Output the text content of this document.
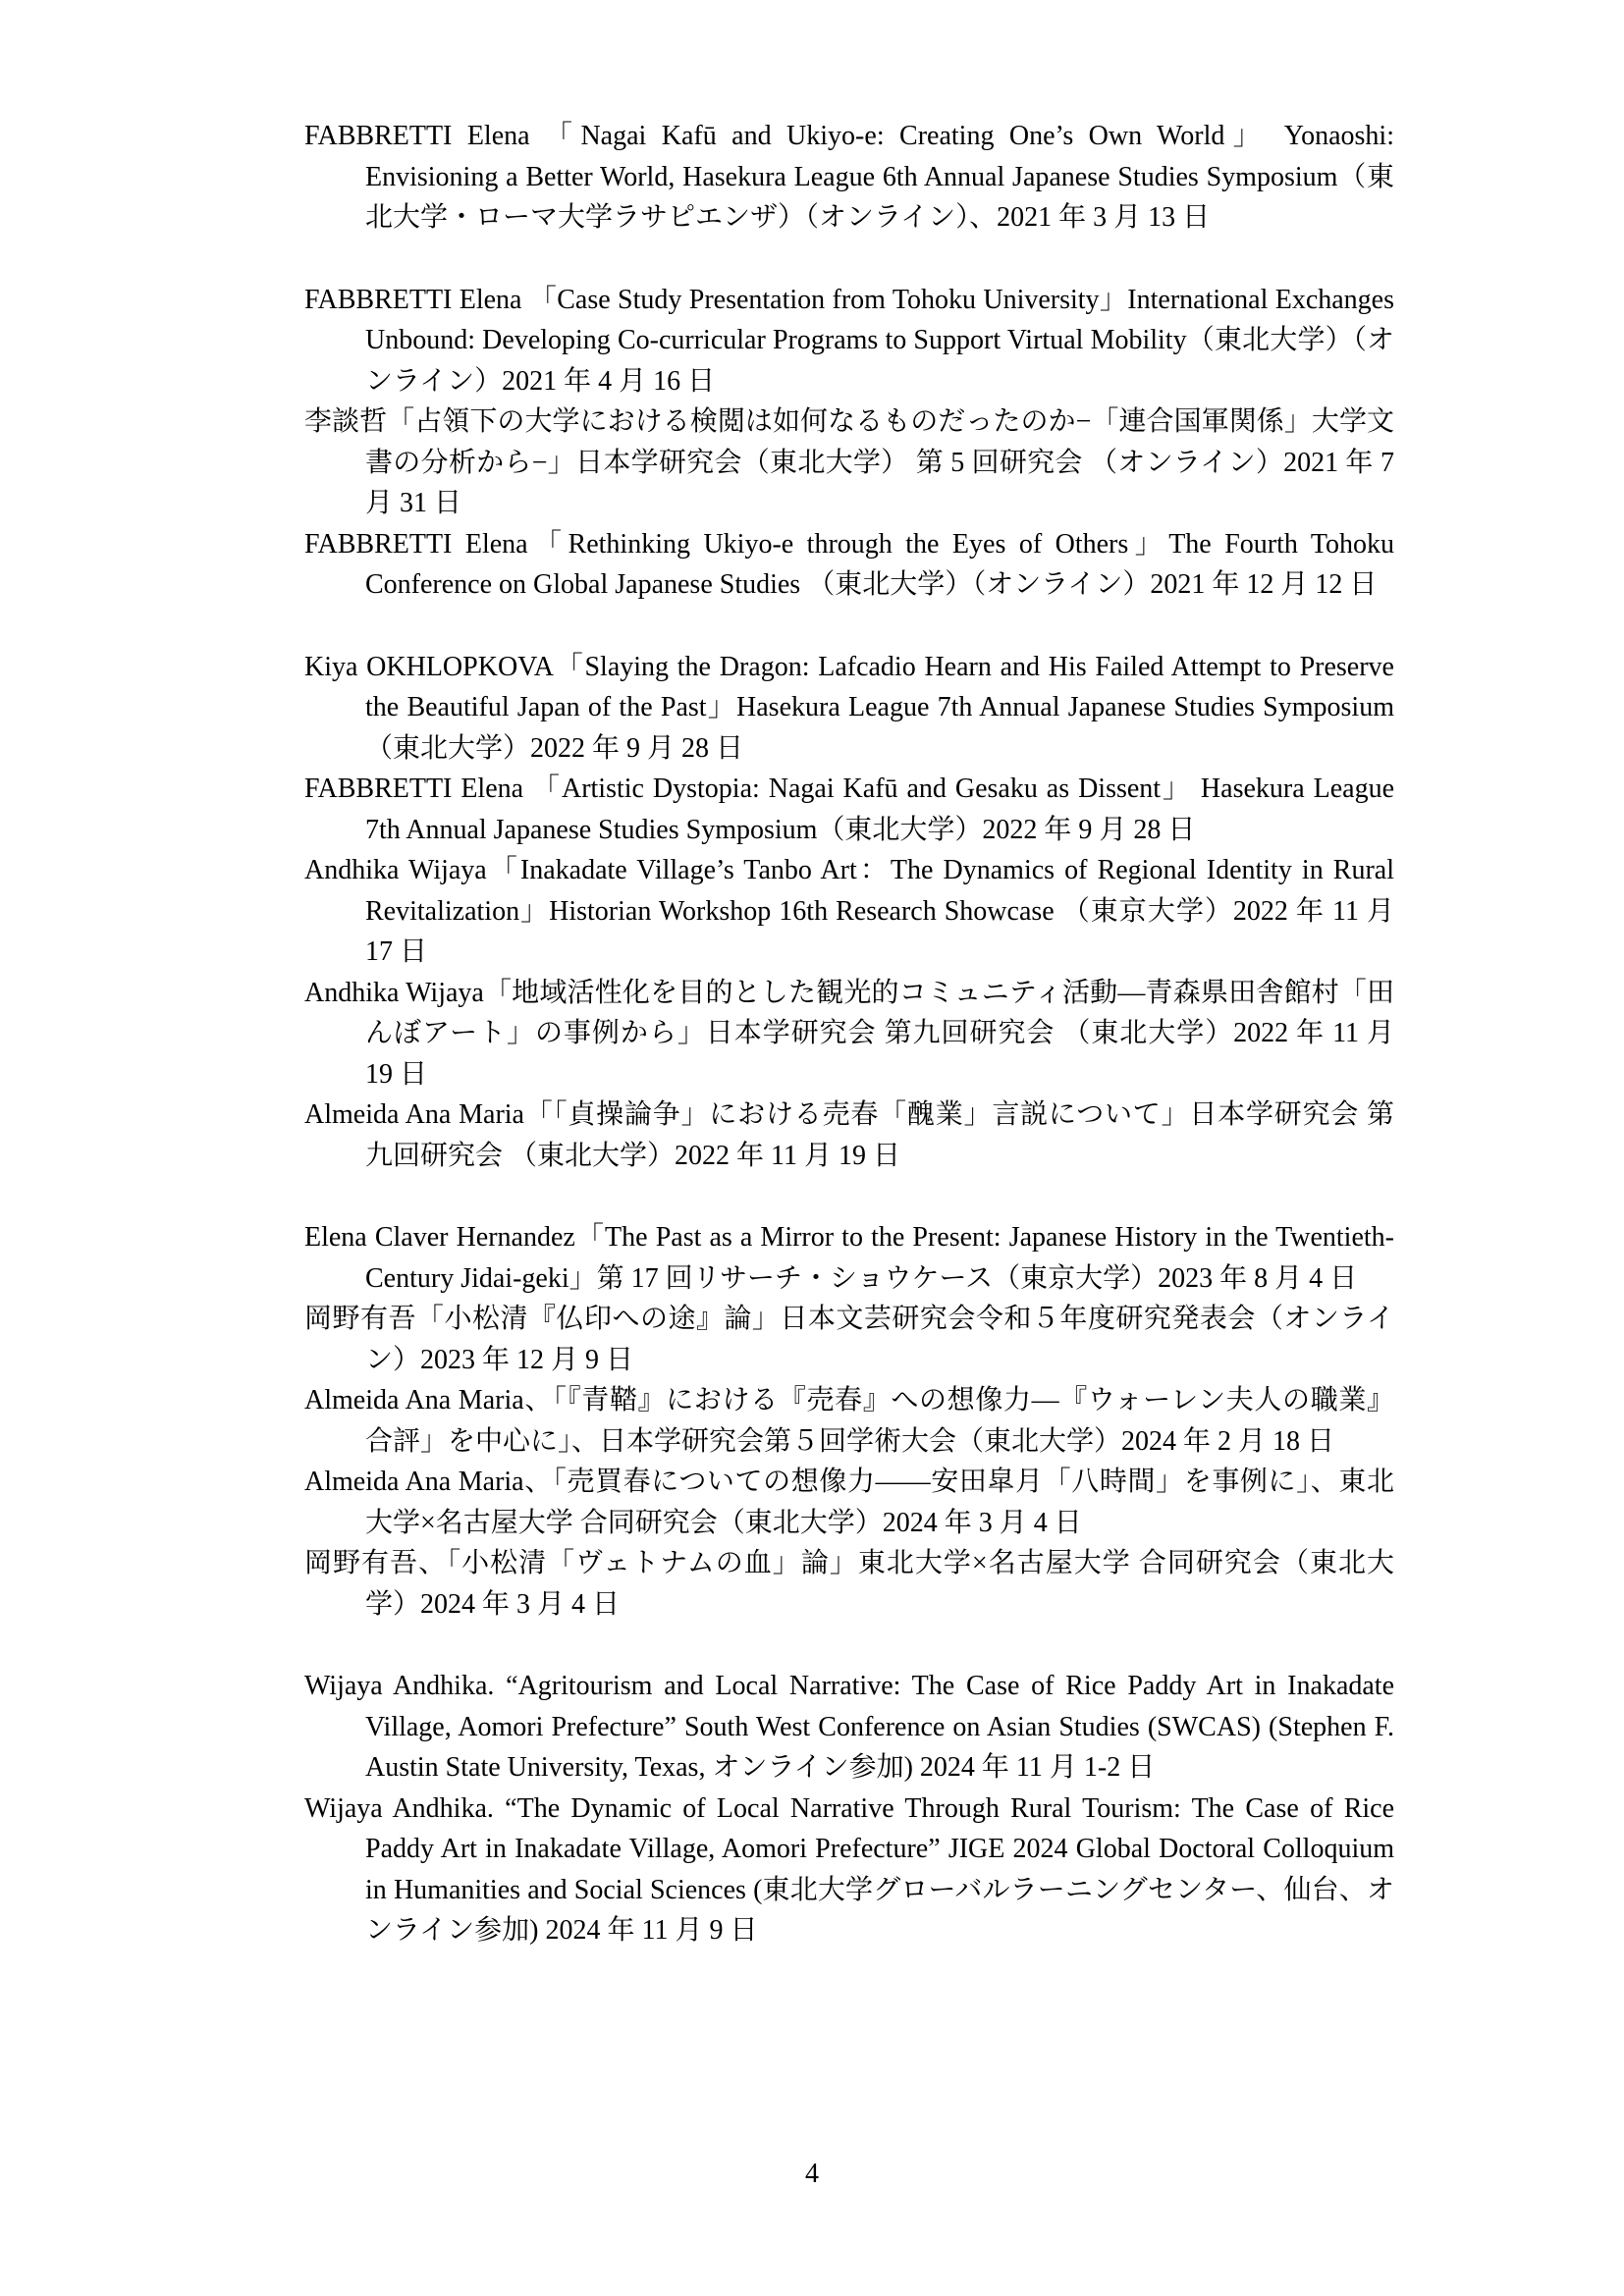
FABBRETTI Elena 「Nagai Kafū and Ukiyo-e: Creating One’s Own World」 Yonaoshi: Envisioning a Better World, Hasekura League 6th Annual Japanese Studies Symposium（東北大学・ローマ大学ラサピエンザ）（オンライン）、2021 年 3 月 13 日

FABBRETTI Elena 「Case Study Presentation from Tohoku University」International Exchanges Unbound: Developing Co-curricular Programs to Support Virtual Mobility（東北大学）（オンライン）2021 年 4 月 16 日

李談哲「占領下の大学における検閲は如何なるものだったのか−「連合国軍関係」大学文書の分析から−」日本学研究会（東北大学） 第 5 回研究会 （オンライン）2021 年 7 月 31 日

FABBRETTI Elena「Rethinking Ukiyo-e through the Eyes of Others」The Fourth Tohoku Conference on Global Japanese Studies （東北大学）（オンライン）2021 年 12 月 12 日

Kiya OKHLOPKOVA「Slaying the Dragon: Lafcadio Hearn and His Failed Attempt to Preserve the Beautiful Japan of the Past」Hasekura League 7th Annual Japanese Studies Symposium（東北大学）2022 年 9 月 28 日

FABBRETTI Elena 「Artistic Dystopia: Nagai Kafū and Gesaku as Dissent」 Hasekura League 7th Annual Japanese Studies Symposium（東北大学）2022 年 9 月 28 日

Andhika Wijaya「Inakadate Village’s Tanbo Art：The Dynamics of Regional Identity in Rural Revitalization」Historian Workshop 16th Research Showcase （東京大学）2022 年 11 月 17 日

Andhika Wijaya「地域活性化を目的とした観光的コミュニティ活動―青森県田舎館村「田んぼアート」の事例から」日本学研究会 第九回研究会 （東北大学）2022 年 11 月 19 日

Almeida Ana Maria「「貞操論争」における売春「醜業」言説について」日本学研究会 第九回研究会 （東北大学）2022 年 11 月 19 日

Elena Claver Hernandez「The Past as a Mirror to the Present: Japanese History in the Twentieth-Century Jidai-geki」第 17 回リサーチ・ショウケース（東京大学）2023 年 8 月 4 日

岡野有吾「小松清『仏印への途』論」日本文芸研究会令和５年度研究発表会（オンライン）2023 年 12 月 9 日

Almeida Ana Maria、「『青鞜』における『売春』への想像力―『ウォーレン夫人の職業』合評」を中心に」、日本学研究会第５回学術大会（東北大学）2024 年 2 月 18 日

Almeida Ana Maria、「売買春についての想像力――安田皐月「八時間」を事例に」、東北大学×名古屋大学 合同研究会（東北大学）2024 年 3 月 4 日

岡野有吾、「小松清「ヴェトナムの血」論」東北大学×名古屋大学 合同研究会（東北大学）2024 年 3 月 4 日

Wijaya Andhika. “Agritourism and Local Narrative: The Case of Rice Paddy Art in Inakadate Village, Aomori Prefecture” South West Conference on Asian Studies (SWCAS) (Stephen F. Austin State University, Texas, オンライン参加) 2024 年 11 月 1-2 日

Wijaya Andhika. “The Dynamic of Local Narrative Through Rural Tourism: The Case of Rice Paddy Art in Inakadate Village, Aomori Prefecture” JIGE 2024 Global Doctoral Colloquium in Humanities and Social Sciences (東北大学グローバルラーニングセンター、仙台、オンライン参加) 2024 年 11 月 9 日

4
